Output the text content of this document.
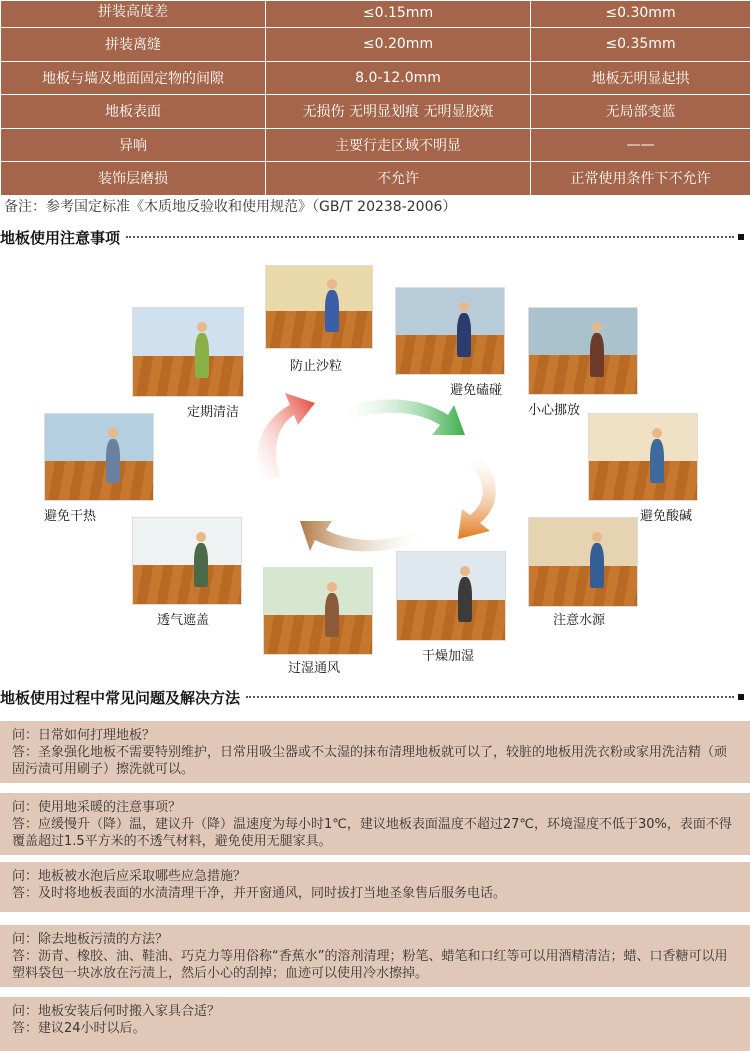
拼装高度差	≤0.15mm	≤0.30mm
拼装离缝	≤0.20mm	≤0.35mm
地板与墙及地面固定物的间隙	8.0-12.0mm	地板无明显起拱
地板表面	无损伤 无明显划痕 无明显胶斑	无局部变蓝
异响	主要行走区域不明显	——
装饰层磨损	不允许	正常使用条件下不允许
备注：参考国定标准《木质地反验收和使用规范》（GB/T 20238-2006）
地板使用注意事项
防止沙粒
避免磕碰
小心挪放
避免酸碱
注意水源
干燥加湿
过湿通风
透气遮盖
避免干热
定期清洁
地板使用过程中常见问题及解决方法
问：日常如何打理地板？
答：圣象强化地板不需要特别维护，日常用吸尘器或不太湿的抹布清理地板就可以了，较脏的地板用洗衣粉或家用洗洁精（顽固污渍可用刷子）擦洗就可以。
问：使用地采暖的注意事项？
答：应缓慢升（降）温，建议升（降）温速度为每小时1℃，建议地板表面温度不超过27℃，环境湿度不低于30%，表面不得覆盖超过1.5平方米的不透气材料，避免使用无腿家具。
问：地板被水泡后应采取哪些应急措施？
答：及时将地板表面的水渍清理干净，并开窗通风，同时拔打当地圣象售后服务电话。
问：除去地板污渍的方法？
答：沥青、橡胶、油、鞋油、巧克力等用俗称“香蕉水”的溶剂清理；粉笔、蜡笔和口红等可以用酒精清洁；蜡、口香糖可以用塑料袋包一块冰放在污渍上，然后小心的刮掉；血迹可以使用冷水擦掉。
问：地板安装后何时搬入家具合适？
答：建议24小时以后。
